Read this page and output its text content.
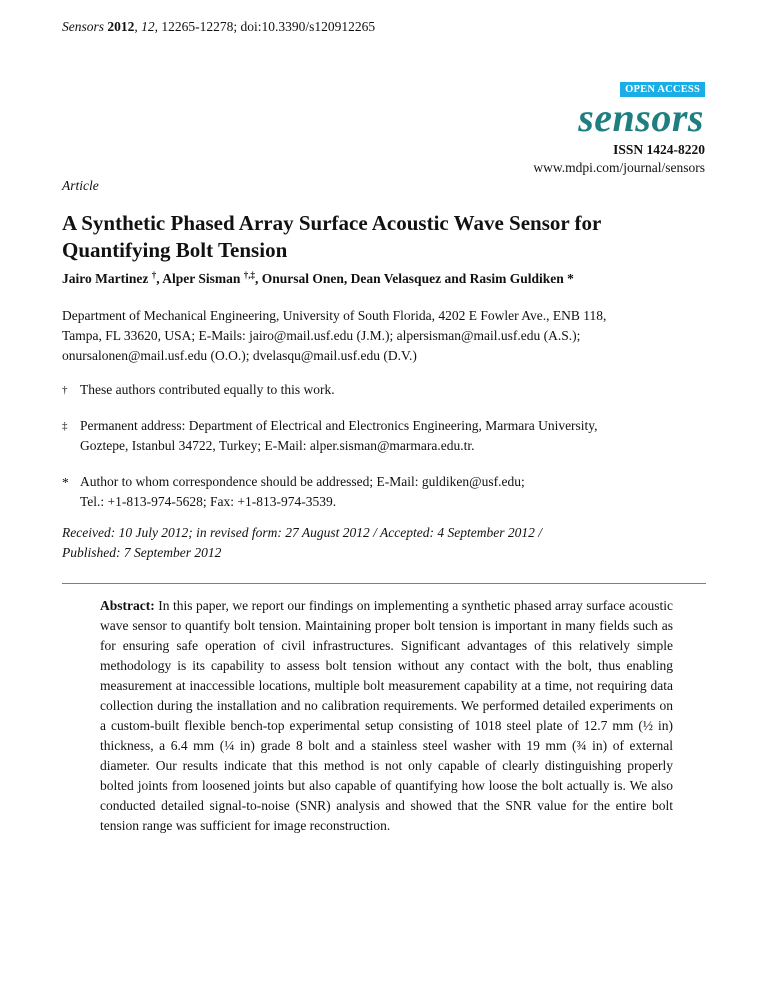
Sensors 2012, 12, 12265-12278; doi:10.3390/s120912265
OPEN ACCESS
sensors
ISSN 1424-8220
www.mdpi.com/journal/sensors
Article
A Synthetic Phased Array Surface Acoustic Wave Sensor for
Quantifying Bolt Tension
Jairo Martinez †, Alper Sisman †,‡, Onursal Onen, Dean Velasquez and Rasim Guldiken *
Department of Mechanical Engineering, University of South Florida, 4202 E Fowler Ave., ENB 118,
Tampa, FL 33620, USA; E-Mails: jairo@mail.usf.edu (J.M.); alpersisman@mail.usf.edu (A.S.);
onursalonen@mail.usf.edu (O.O.); dvelasqu@mail.usf.edu (D.V.)
† These authors contributed equally to this work.
‡ Permanent address: Department of Electrical and Electronics Engineering, Marmara University,
Goztepe, Istanbul 34722, Turkey; E-Mail: alper.sisman@marmara.edu.tr.
* Author to whom correspondence should be addressed; E-Mail: guldiken@usf.edu;
Tel.: +1-813-974-5628; Fax: +1-813-974-3539.
Received: 10 July 2012; in revised form: 27 August 2012 / Accepted: 4 September 2012 /
Published: 7 September 2012
Abstract: In this paper, we report our findings on implementing a synthetic phased array surface acoustic wave sensor to quantify bolt tension. Maintaining proper bolt tension is important in many fields such as for ensuring safe operation of civil infrastructures. Significant advantages of this relatively simple methodology is its capability to assess bolt tension without any contact with the bolt, thus enabling measurement at inaccessible locations, multiple bolt measurement capability at a time, not requiring data collection during the installation and no calibration requirements. We performed detailed experiments on a custom-built flexible bench-top experimental setup consisting of 1018 steel plate of 12.7 mm (½ in) thickness, a 6.4 mm (¼ in) grade 8 bolt and a stainless steel washer with 19 mm (¾ in) of external diameter. Our results indicate that this method is not only capable of clearly distinguishing properly bolted joints from loosened joints but also capable of quantifying how loose the bolt actually is. We also conducted detailed signal-to-noise (SNR) analysis and showed that the SNR value for the entire bolt tension range was sufficient for image reconstruction.
